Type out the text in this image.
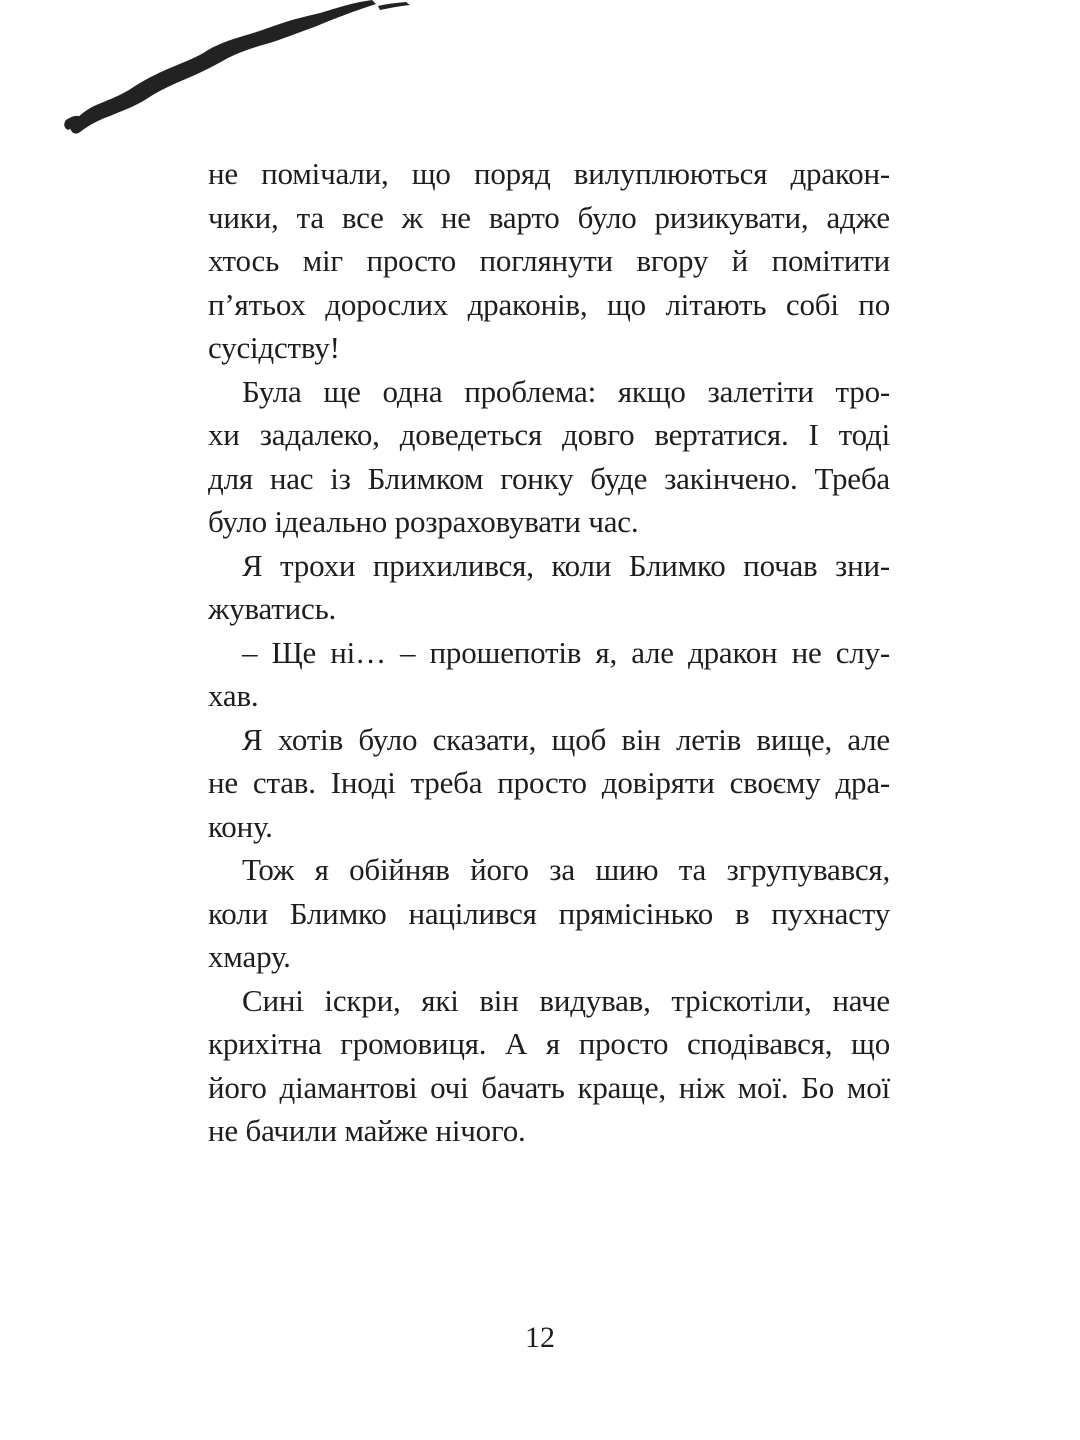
не помічали, що поряд вилуплюються дракон-
чики, та все ж не варто було ризикувати, адже
хтось міг просто поглянути вгору й помітити
п’ятьох дорослих драконів, що літають собі по
сусідству!
Була ще одна проблема: якщо залетіти тро-
хи задалеко, доведеться довго вертатися. І тоді
для нас із Блимком гонку буде закінчено. Треба
було ідеально розраховувати час.
Я трохи прихилився, коли Блимко почав зни-
жуватись.
– Ще ні… – прошепотів я, але дракон не слу-
хав.
Я хотів було сказати, щоб він летів вище, але
не став. Іноді треба просто довіряти своєму дра-
кону.
Тож я обійняв його за шию та згрупувався,
коли Блимко націлився прямісінько в пухнасту
хмару.
Сині іскри, які він видував, тріскотіли, наче
крихітна громовиця. А я просто сподівався, що
його діамантові очі бачать краще, ніж мої. Бо мої
не бачили майже нічого.
12
